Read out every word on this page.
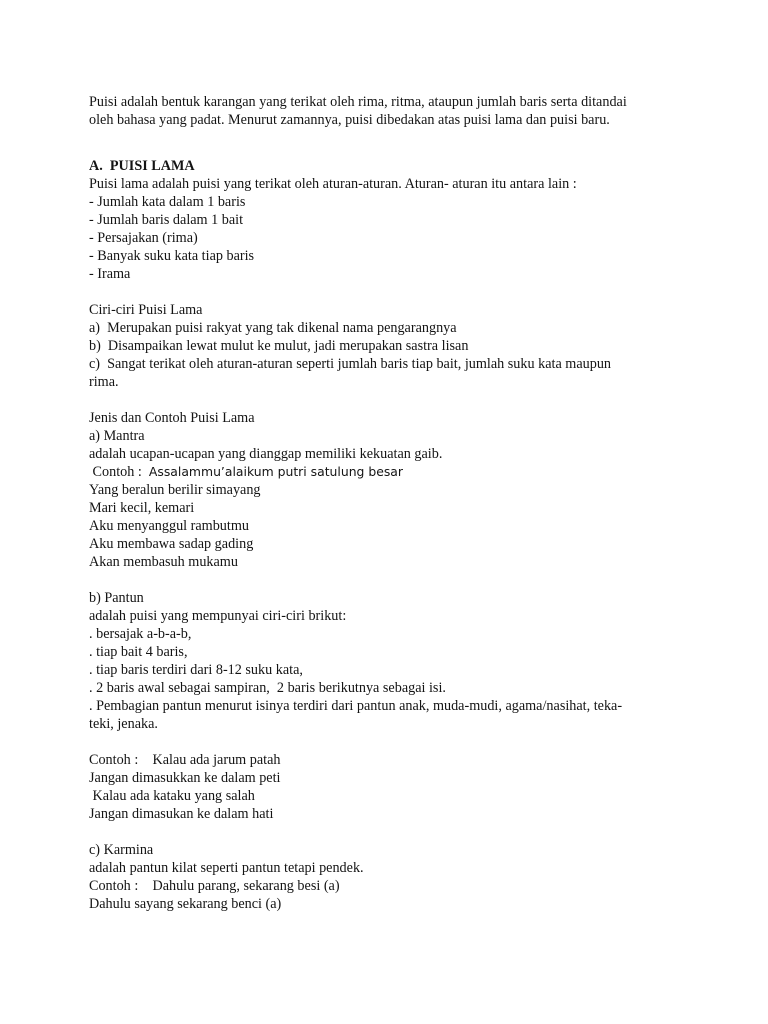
Puisi adalah bentuk karangan yang terikat oleh rima, ritma, ataupun jumlah baris serta ditandai
oleh bahasa yang padat. Menurut zamannya, puisi dibedakan atas puisi lama dan puisi baru.
A.  PUISI LAMA
Puisi lama adalah puisi yang terikat oleh aturan-aturan. Aturan- aturan itu antara lain :
- Jumlah kata dalam 1 baris
- Jumlah baris dalam 1 bait
- Persajakan (rima)
- Banyak suku kata tiap baris
- Irama
Ciri-ciri Puisi Lama
a)  Merupakan puisi rakyat yang tak dikenal nama pengarangnya
b)  Disampaikan lewat mulut ke mulut, jadi merupakan sastra lisan
c)  Sangat terikat oleh aturan-aturan seperti jumlah baris tiap bait, jumlah suku kata maupun
rima.
Jenis dan Contoh Puisi Lama
a) Mantra
adalah ucapan-ucapan yang dianggap memiliki kekuatan gaib.
Contoh :  Assalammu’alaikum putri satulung besar
Yang beralun berilir simayang
Mari kecil, kemari
Aku menyanggul rambutmu
Aku membawa sadap gading
Akan membasuh mukamu
b) Pantun
adalah puisi yang mempunyai ciri-ciri brikut:
. bersajak a-b-a-b,
. tiap bait 4 baris,
. tiap baris terdiri dari 8-12 suku kata,
. 2 baris awal sebagai sampiran,  2 baris berikutnya sebagai isi.
. Pembagian pantun menurut isinya terdiri dari pantun anak, muda-mudi, agama/nasihat, teka-
teki, jenaka.
Contoh :    Kalau ada jarum patah
Jangan dimasukkan ke dalam peti
Kalau ada kataku yang salah
Jangan dimasukan ke dalam hati
c) Karmina
adalah pantun kilat seperti pantun tetapi pendek.
Contoh :    Dahulu parang, sekarang besi (a)
Dahulu sayang sekarang benci (a)
